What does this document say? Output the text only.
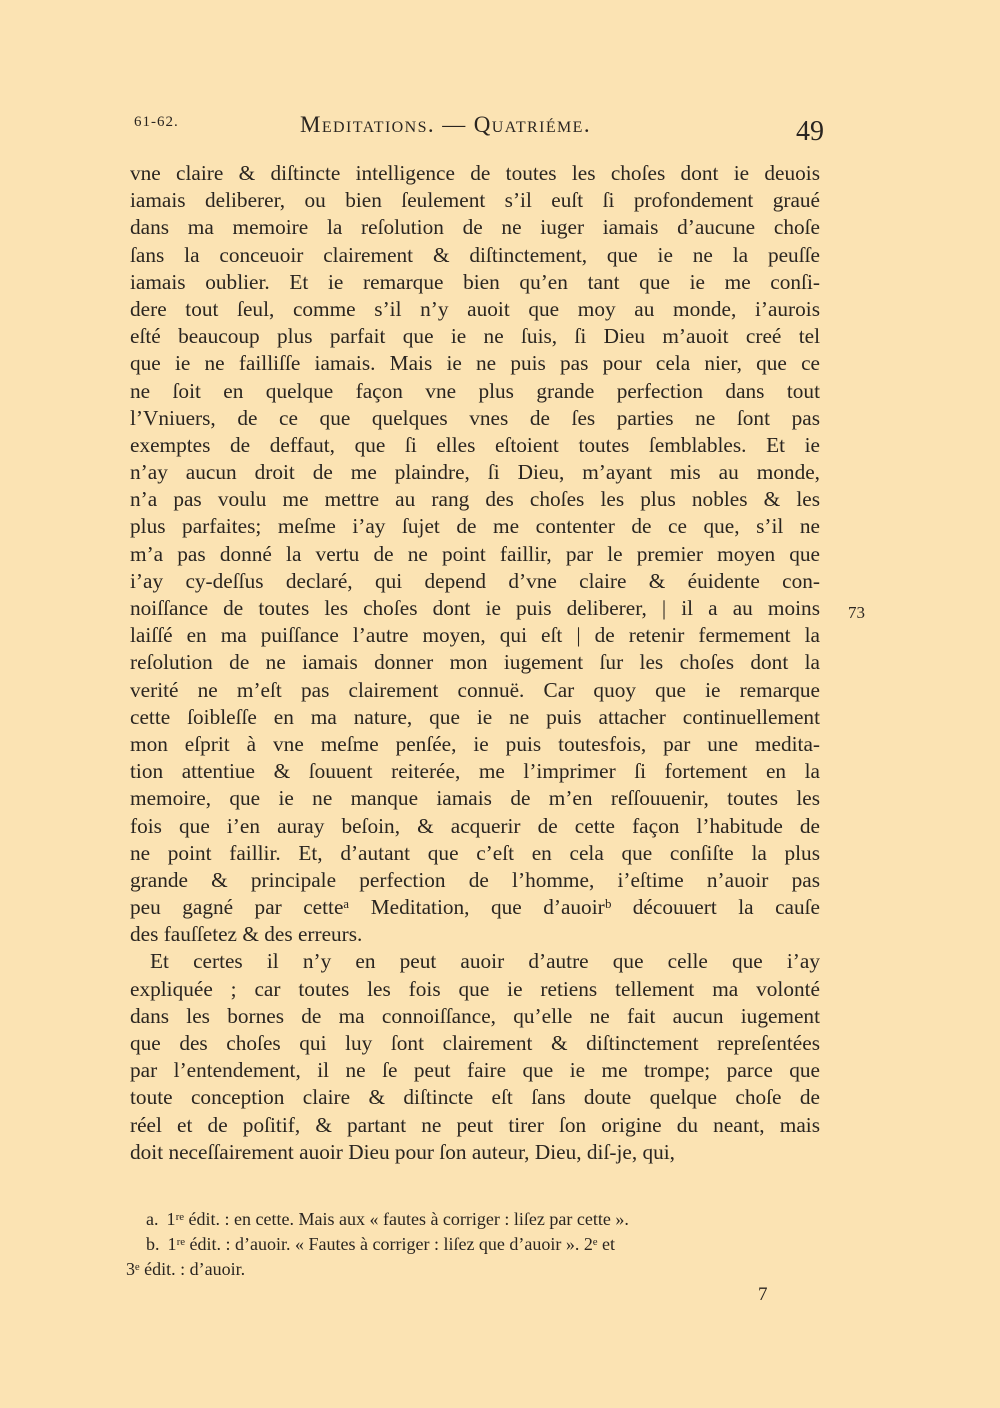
61-62.	Meditations. — Quatriéme.	49
vne claire & diſtincte intelligence de toutes les choſes dont ie deuois
iamais deliberer, ou bien ſeulement s’il euſt ſi profondement graué
dans ma memoire la reſolution de ne iuger iamais d’aucune choſe
ſans la conceuoir clairement & diſtinctement, que ie ne la peuſſe
iamais oublier. Et ie remarque bien qu’en tant que ie me conſi-
dere tout ſeul, comme s’il n’y auoit que moy au monde, i’aurois
eſté beaucoup plus parfait que ie ne ſuis, ſi Dieu m’auoit creé tel
que ie ne failliſſe iamais. Mais ie ne puis pas pour cela nier, que ce
ne ſoit en quelque façon vne plus grande perfection dans tout
l’Vniuers, de ce que quelques vnes de ſes parties ne ſont pas
exemptes de deffaut, que ſi elles eſtoient toutes ſemblables. Et ie
n’ay aucun droit de me plaindre, ſi Dieu, m’ayant mis au monde,
n’a pas voulu me mettre au rang des choſes les plus nobles & les
plus parfaites; meſme i’ay ſujet de me contenter de ce que, s’il ne
m’a pas donné la vertu de ne point faillir, par le premier moyen que
i’ay cy-deſſus declaré, qui depend d’vne claire & éuidente con-
noiſſance de toutes les choſes dont ie puis deliberer, | il a au moins
laiſſé en ma puiſſance l’autre moyen, qui eſt | de retenir fermement la
reſolution de ne iamais donner mon iugement ſur les choſes dont la
verité ne m’eſt pas clairement connuë. Car quoy que ie remarque
cette ſoibleſſe en ma nature, que ie ne puis attacher continuellement
mon eſprit à vne meſme penſée, ie puis toutesfois, par une medita-
tion attentiue & ſouuent reiterée, me l’imprimer ſi fortement en la
memoire, que ie ne manque iamais de m’en reſſouuenir, toutes les
fois que i’en auray beſoin, & acquerir de cette façon l’habitude de
ne point faillir. Et, d’autant que c’eſt en cela que conſiſte la plus
grande & principale perfection de l’homme, i’eſtime n’auoir pas
peu gagné par cetteᵃ Meditation, que d’auoirᵇ découuert la cauſe
des fauſſetez & des erreurs.
Et certes il n’y en peut auoir d’autre que celle que i’ay
expliquée ; car toutes les fois que ie retiens tellement ma volonté
dans les bornes de ma connoiſſance, qu’elle ne fait aucun iugement
que des choſes qui luy ſont clairement & diſtinctement repreſentées
par l’entendement, il ne ſe peut faire que ie me trompe; parce que
toute conception claire & diſtincte eſt ſans doute quelque choſe de
réel et de poſitif, & partant ne peut tirer ſon origine du neant, mais
doit neceſſairement auoir Dieu pour ſon auteur, Dieu, diſ-je, qui,
73
a. 1ʳᵉ édit. : en cette. Mais aux « fautes à corriger : liſez par cette ».
b. 1ʳᵉ édit. : d’auoir. « Fautes à corriger : liſez que d’auoir ». 2ᵉ et
3ᵉ édit. : d’auoir.
7
